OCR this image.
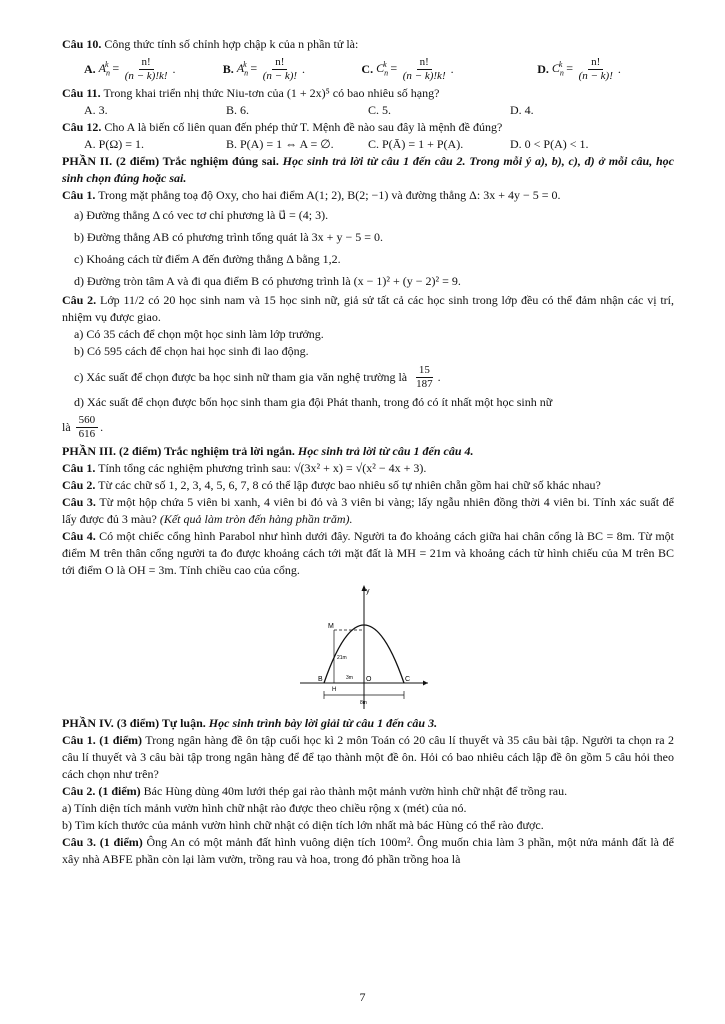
Câu 10. Công thức tính số chỉnh hợp chập k của n phần tử là:
A.
$A_n^k = \frac{n!}{(n - k)!k!}$ .	B.
$A_n^k = \frac{n!}{(n - k)!}$ .	C.
$C_n^k = \frac{n!}{(n - k)!k!}$ .	D.
$C_n^k = \frac{n!}{(n - k)!}$ .
Câu 11. Trong khai triển nhị thức Niu-tơn của (1 + 2x)⁵ có bao nhiêu số hạng?
A. 3.	B. 6.	C. 5.	D. 4.
Câu 12. Cho A là biến cố liên quan đến phép thử T. Mệnh đề nào sau đây là mệnh đề đúng?
A. P(Ω) = 1.	B. P(A) = 1 ⇔ A = ∅.	C. P(Ā) = 1 + P(A).	D. 0 < P(A) < 1.
PHẦN II. (2 điểm) Trắc nghiệm đúng sai. Học sinh trả lời từ câu 1 đến câu 2. Trong mỗi ý a), b), c), d) ở mỗi câu, học sinh chọn đúng hoặc sai.
Câu 1. Trong mặt phẳng toạ độ Oxy, cho hai điểm A(1; 2), B(2; −1) và đường thẳng Δ: 3x + 4y − 5 = 0.
a) Đường thẳng Δ có vec tơ chỉ phương là u⃗ = (4; 3).
b) Đường thẳng AB có phương trình tổng quát là 3x + y − 5 = 0.
c) Khoảng cách từ điểm A đến đường thẳng Δ bằng 1,2.
d) Đường tròn tâm A và đi qua điểm B có phương trình là (x − 1)² + (y − 2)² = 9.
Câu 2. Lớp 11/2 có 20 học sinh nam và 15 học sinh nữ, giả sử tất cả các học sinh trong lớp đều có thể đảm nhận các vị trí, nhiệm vụ được giao.
a) Có 35 cách để chọn một học sinh làm lớp trưởng.
b) Có 595 cách để chọn hai học sinh đi lao động.
c) Xác suất để chọn được ba học sinh nữ tham gia văn nghệ trường là $\frac{15}{187}$ .
d) Xác suất để chọn được bốn học sinh tham gia đội Phát thanh, trong đó có ít nhất một học sinh nữ
là
$\frac{560}{616}$ .
PHẦN III. (2 điểm) Trắc nghiệm trả lời ngắn. Học sinh trả lời từ câu 1 đến câu 4.
Câu 1. Tính tổng các nghiệm phương trình sau: √(3x² + x) = √(x² − 4x + 3).
Câu 2. Từ các chữ số 1, 2, 3, 4, 5, 6, 7, 8 có thể lập được bao nhiêu số tự nhiên chẵn gồm hai chữ số khác nhau?
Câu 3. Từ một hộp chứa 5 viên bi xanh, 4 viên bi đỏ và 3 viên bi vàng; lấy ngẫu nhiên đồng thời 4 viên bi. Tính xác suất để lấy được đủ 3 màu? (Kết quả làm tròn đến hàng phần trăm).
Câu 4. Có một chiếc cổng hình Parabol như hình dưới đây. Người ta đo khoảng cách giữa hai chân cổng là BC = 8m. Từ một điểm M trên thân cổng người ta đo được khoảng cách tới mặt đất là MH = 21m và khoảng cách từ hình chiếu của M trên BC tới điểm O là OH = 3m. Tính chiều cao của cổng.
y
M
B	C
O
H
21m
3m
8m
PHẦN IV. (3 điểm) Tự luận. Học sinh trình bày lời giải từ câu 1 đến câu 3.
Câu 1. (1 điểm) Trong ngân hàng đề ôn tập cuối học kì 2 môn Toán có 20 câu lí thuyết và 35 câu bài tập. Người ta chọn ra 2 câu lí thuyết và 3 câu bài tập trong ngân hàng để để tạo thành một đề ôn. Hỏi có bao nhiêu cách lập đề ôn gồm 5 câu hỏi theo cách chọn như trên?
Câu 2. (1 điểm) Bác Hùng dùng 40m lưới thép gai rào thành một mảnh vườn hình chữ nhật để trồng rau.
a) Tính diện tích mảnh vườn hình chữ nhật rào được theo chiều rộng x (mét) của nó.
b) Tìm kích thước của mảnh vườn hình chữ nhật có diện tích lớn nhất mà bác Hùng có thể rào được.
Câu 3. (1 điểm) Ông An có một mảnh đất hình vuông diện tích 100m². Ông muốn chia làm 3 phần, một nửa mảnh đất là để xây nhà ABFE phần còn lại làm vườn, trồng rau và hoa, trong đó phần trồng hoa là
7
